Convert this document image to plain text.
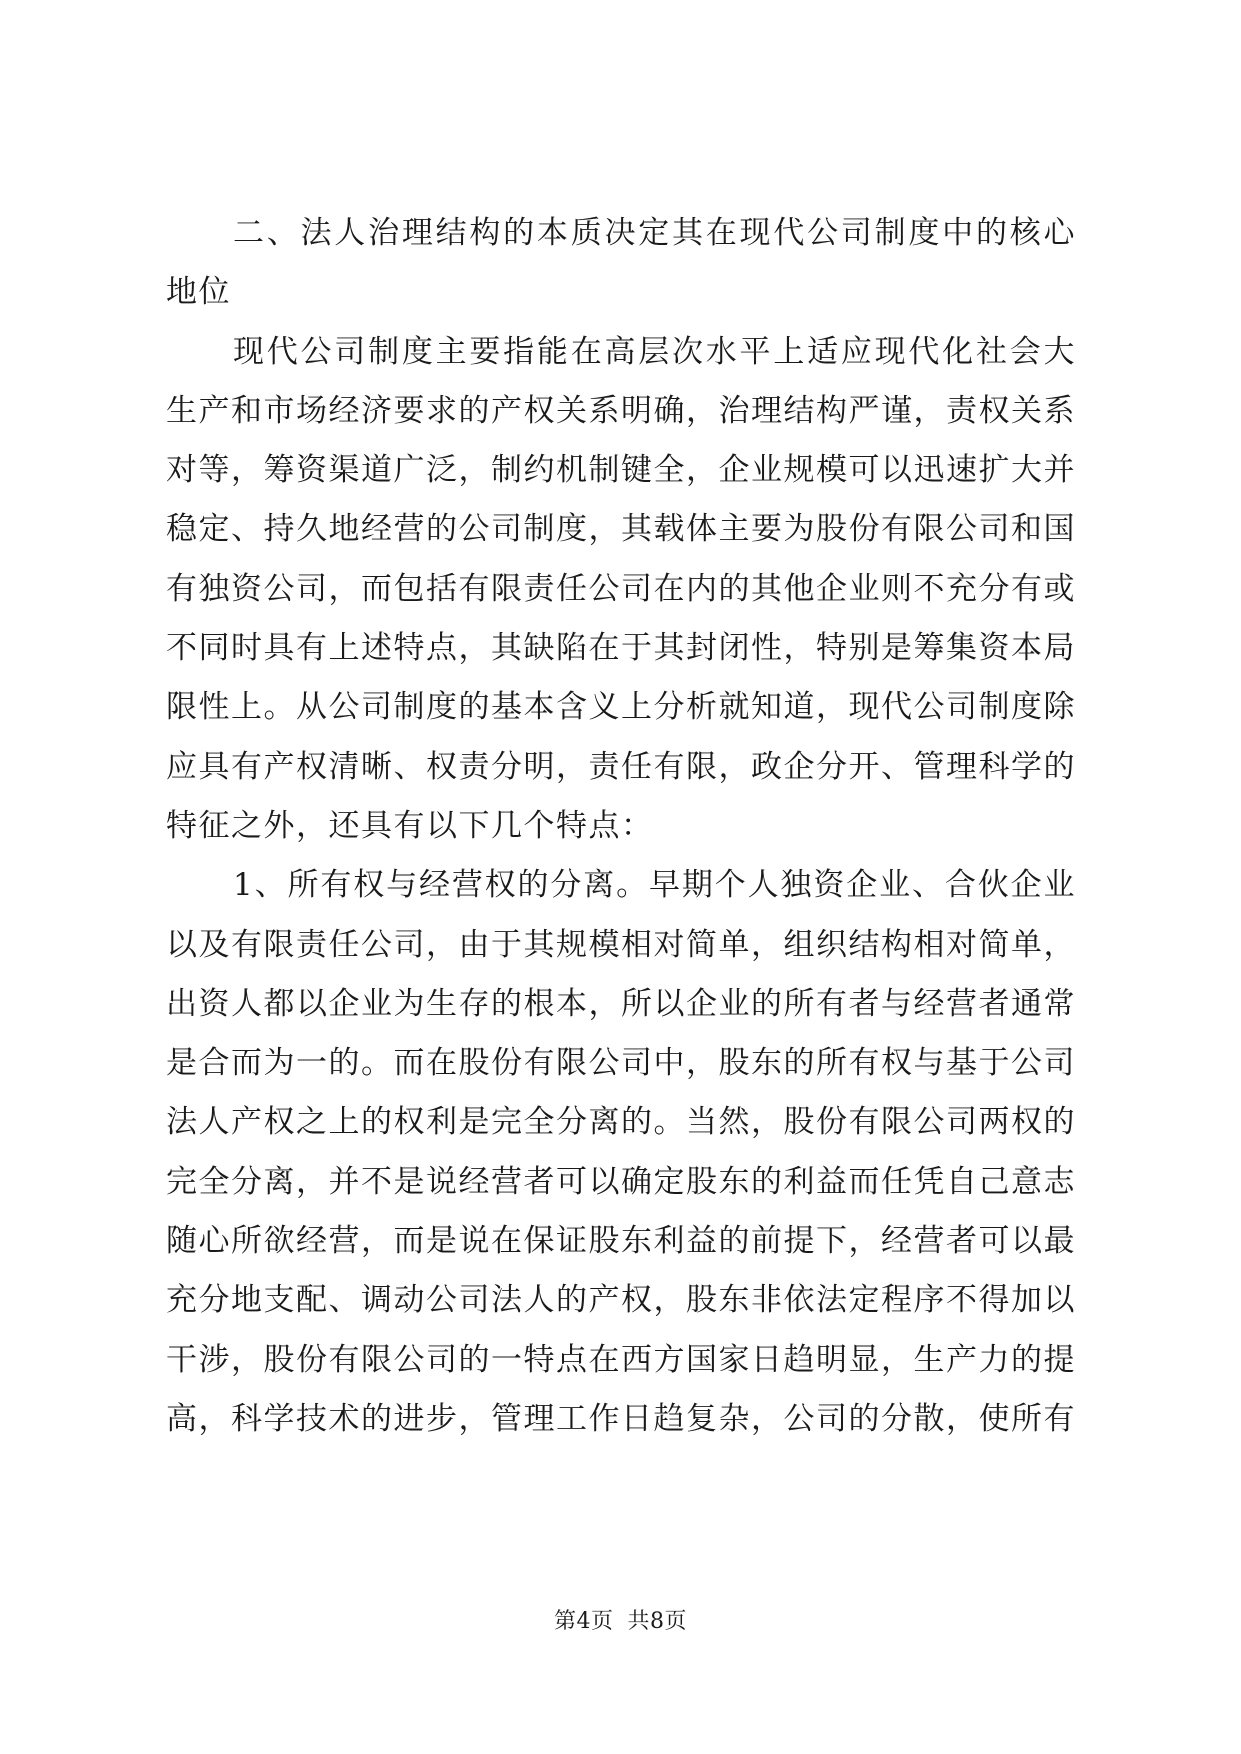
二、法人治理结构的本质决定其在现代公司制度中的核心地位

现代公司制度主要指能在高层次水平上适应现代化社会大生产和市场经济要求的产权关系明确，治理结构严谨，责权关系对等，筹资渠道广泛，制约机制键全，企业规模可以迅速扩大并稳定、持久地经营的公司制度，其载体主要为股份有限公司和国有独资公司，而包括有限责任公司在内的其他企业则不充分有或不同时具有上述特点，其缺陷在于其封闭性，特别是筹集资本局限性上。从公司制度的基本含义上分析就知道，现代公司制度除应具有产权清晰、权责分明，责任有限，政企分开、管理科学的特征之外，还具有以下几个特点：

1、所有权与经营权的分离。早期个人独资企业、合伙企业以及有限责任公司，由于其规模相对简单，组织结构相对简单，出资人都以企业为生存的根本，所以企业的所有者与经营者通常是合而为一的。而在股份有限公司中，股东的所有权与基于公司法人产权之上的权利是完全分离的。当然，股份有限公司两权的完全分离，并不是说经营者可以确定股东的利益而任凭自己意志随心所欲经营，而是说在保证股东利益的前提下，经营者可以最充分地支配、调动公司法人的产权，股东非依法定程序不得加以干涉，股份有限公司的一特点在西方国家日趋明显，生产力的提高，科学技术的进步，管理工作日趋复杂，公司的分散，使所有

第4页 共8页
